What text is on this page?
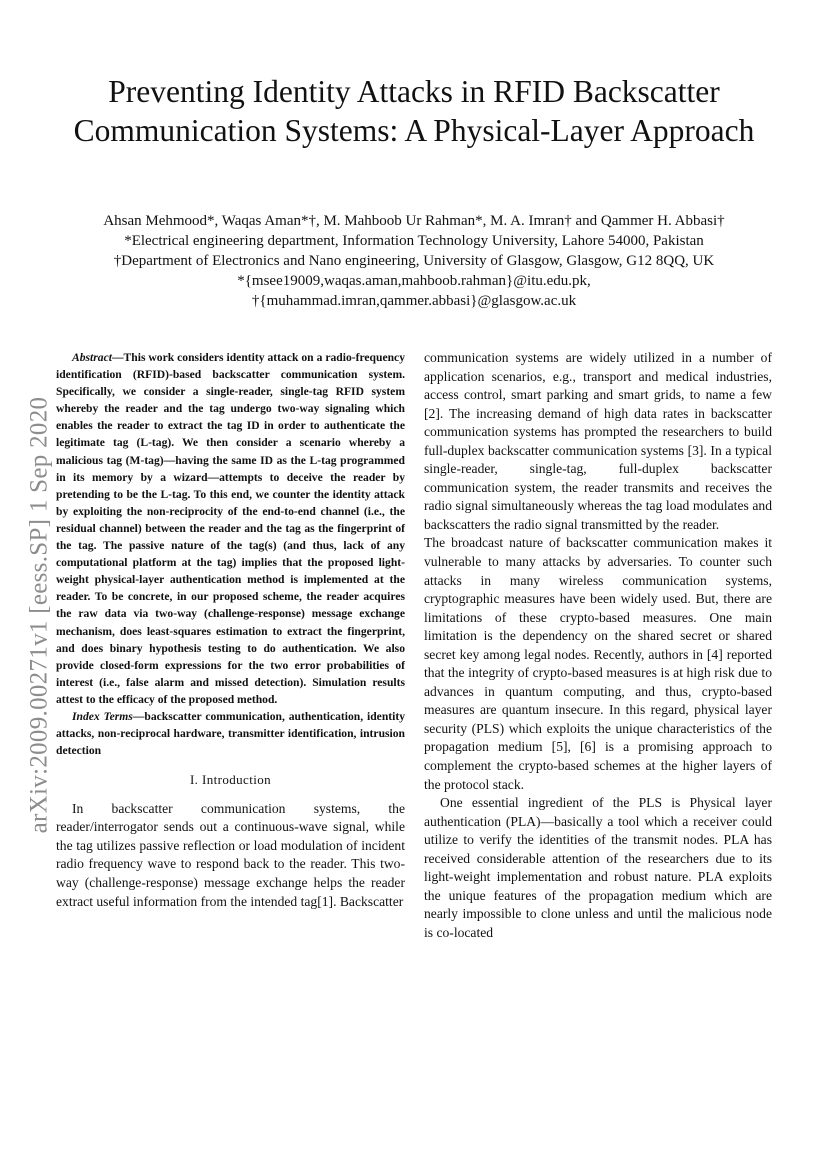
arXiv:2009.00271v1 [eess.SP] 1 Sep 2020
Preventing Identity Attacks in RFID Backscatter Communication Systems: A Physical-Layer Approach
Ahsan Mehmood*, Waqas Aman*†, M. Mahboob Ur Rahman*, M. A. Imran† and Qammer H. Abbasi†
*Electrical engineering department, Information Technology University, Lahore 54000, Pakistan
†Department of Electronics and Nano engineering, University of Glasgow, Glasgow, G12 8QQ, UK
*{msee19009,waqas.aman,mahboob.rahman}@itu.edu.pk,
†{muhammad.imran,qammer.abbasi}@glasgow.ac.uk

Abstract—This work considers identity attack on a radio-frequency identification (RFID)-based backscatter communication system. Specifically, we consider a single-reader, single-tag RFID system whereby the reader and the tag undergo two-way signaling which enables the reader to extract the tag ID in order to authenticate the legitimate tag (L-tag). We then consider a scenario whereby a malicious tag (M-tag)—having the same ID as the L-tag programmed in its memory by a wizard—attempts to deceive the reader by pretending to be the L-tag. To this end, we counter the identity attack by exploiting the non-reciprocity of the end-to-end channel (i.e., the residual channel) between the reader and the tag as the fingerprint of the tag. The passive nature of the tag(s) (and thus, lack of any computational platform at the tag) implies that the proposed light-weight physical-layer authentication method is implemented at the reader. To be concrete, in our proposed scheme, the reader acquires the raw data via two-way (challenge-response) message exchange mechanism, does least-squares estimation to extract the fingerprint, and does binary hypothesis testing to do authentication. We also provide closed-form expressions for the two error probabilities of interest (i.e., false alarm and missed detection). Simulation results attest to the efficacy of the proposed method.

Index Terms—backscatter communication, authentication, identity attacks, non-reciprocal hardware, transmitter identification, intrusion detection

I. Introduction

In backscatter communication systems, the reader/interrogator sends out a continuous-wave signal, while the tag utilizes passive reflection or load modulation of incident radio frequency wave to respond back to the reader. This two-way (challenge-response) message exchange helps the reader extract useful information from the intended tag[1]. Backscatter

communication systems are widely utilized in a number of application scenarios, e.g., transport and medical industries, access control, smart parking and smart grids, to name a few [2]. The increasing demand of high data rates in backscatter communication systems has prompted the researchers to build full-duplex backscatter communication systems [3]. In a typical single-reader, single-tag, full-duplex backscatter communication system, the reader transmits and receives the radio signal simultaneously whereas the tag load modulates and backscatters the radio signal transmitted by the reader.

The broadcast nature of backscatter communication makes it vulnerable to many attacks by adversaries. To counter such attacks in many wireless communication systems, cryptographic measures have been widely used. But, there are limitations of these crypto-based measures. One main limitation is the dependency on the shared secret or shared secret key among legal nodes. Recently, authors in [4] reported that the integrity of crypto-based measures is at high risk due to advances in quantum computing, and thus, crypto-based measures are quantum insecure. In this regard, physical layer security (PLS) which exploits the unique characteristics of the propagation medium [5], [6] is a promising approach to complement the crypto-based schemes at the higher layers of the protocol stack.

One essential ingredient of the PLS is Physical layer authentication (PLA)—basically a tool which a receiver could utilize to verify the identities of the transmit nodes. PLA has received considerable attention of the researchers due to its light-weight implementation and robust nature. PLA exploits the unique features of the propagation medium which are nearly impossible to clone unless and until the malicious node is co-located
